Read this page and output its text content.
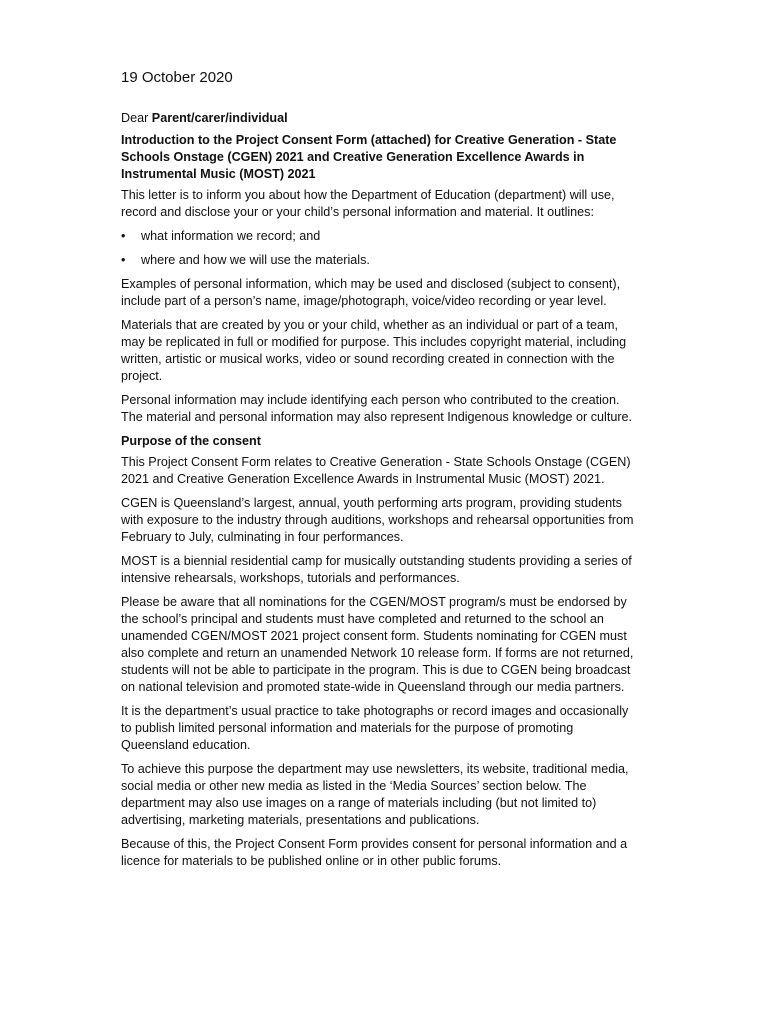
19 October 2020

Dear Parent/carer/individual

Introduction to the Project Consent Form (attached) for Creative Generation - State Schools Onstage (CGEN) 2021 and Creative Generation Excellence Awards in Instrumental Music (MOST) 2021

This letter is to inform you about how the Department of Education (department) will use, record and disclose your or your child’s personal information and material. It outlines:

• what information we record; and
• where and how we will use the materials.

Examples of personal information, which may be used and disclosed (subject to consent), include part of a person’s name, image/photograph, voice/video recording or year level.

Materials that are created by you or your child, whether as an individual or part of a team, may be replicated in full or modified for purpose. This includes copyright material, including written, artistic or musical works, video or sound recording created in connection with the project.

Personal information may include identifying each person who contributed to the creation. The material and personal information may also represent Indigenous knowledge or culture.

Purpose of the consent

This Project Consent Form relates to Creative Generation - State Schools Onstage (CGEN) 2021 and Creative Generation Excellence Awards in Instrumental Music (MOST) 2021.

CGEN is Queensland’s largest, annual, youth performing arts program, providing students with exposure to the industry through auditions, workshops and rehearsal opportunities from February to July, culminating in four performances.

MOST is a biennial residential camp for musically outstanding students providing a series of intensive rehearsals, workshops, tutorials and performances.

Please be aware that all nominations for the CGEN/MOST program/s must be endorsed by the school’s principal and students must have completed and returned to the school an unamended CGEN/MOST 2021 project consent form. Students nominating for CGEN must also complete and return an unamended Network 10 release form. If forms are not returned, students will not be able to participate in the program. This is due to CGEN being broadcast on national television and promoted state-wide in Queensland through our media partners.

It is the department’s usual practice to take photographs or record images and occasionally to publish limited personal information and materials for the purpose of promoting Queensland education.

To achieve this purpose the department may use newsletters, its website, traditional media, social media or other new media as listed in the ‘Media Sources’ section below. The department may also use images on a range of materials including (but not limited to) advertising, marketing materials, presentations and publications.

Because of this, the Project Consent Form provides consent for personal information and a licence for materials to be published online or in other public forums.
